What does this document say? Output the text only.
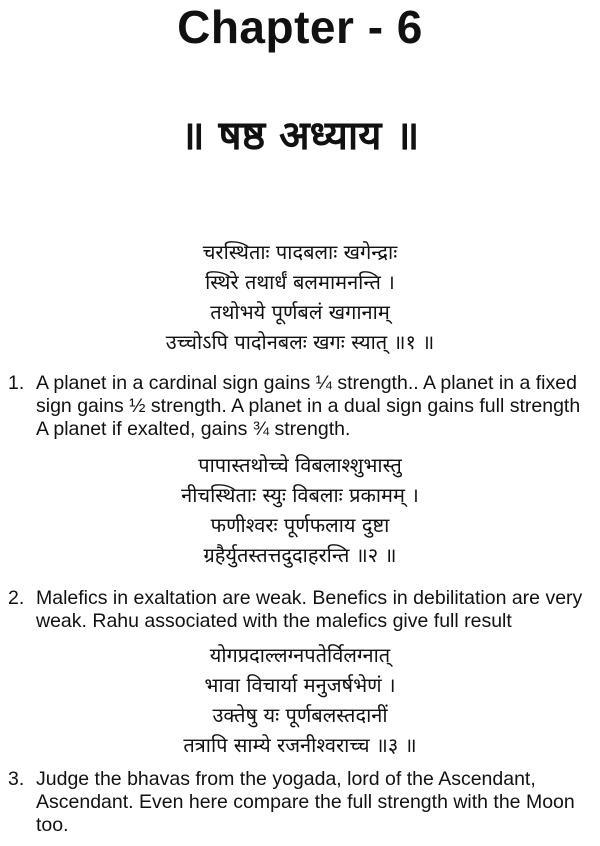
Chapter - 6
॥ षष्ठ अध्याय ॥
चरस्थिताः पादबलाः खगेन्द्राः
स्थिरे तथार्धं बलमामनन्ति ।
तथोभये पूर्णबलं खगानाम्
उच्चोऽपि पादोनबलः खगः स्यात् ॥१ ॥
1. A planet in a cardinal sign gains ¼ strength.. A planet in a fixed sign gains ½ strength. A planet in a dual sign gains full strength A planet if exalted, gains ¾ strength.
पापास्तथोच्चे विबलाश्शुभास्तु
नीचस्थिताः स्युः विबलाः प्रकामम् ।
फणीश्वरः पूर्णफलाय दुष्टा
ग्रहैर्युतस्तत्तदुदाहरन्ति ॥२ ॥
2. Malefics in exaltation are weak. Benefics in debilitation are very weak. Rahu associated with the malefics give full result
योगप्रदाल्लग्नपतेर्विलग्नात्
भावा विचार्या मनुजर्षभेणं ।
उक्तेषु यः पूर्णबलस्तदानीं
तत्रापि साम्ये रजनीश्वराच्च ॥३ ॥
3. Judge the bhavas from the yogada, lord of the Ascendant, Ascendant. Even here compare the full strength with the Moon too.
